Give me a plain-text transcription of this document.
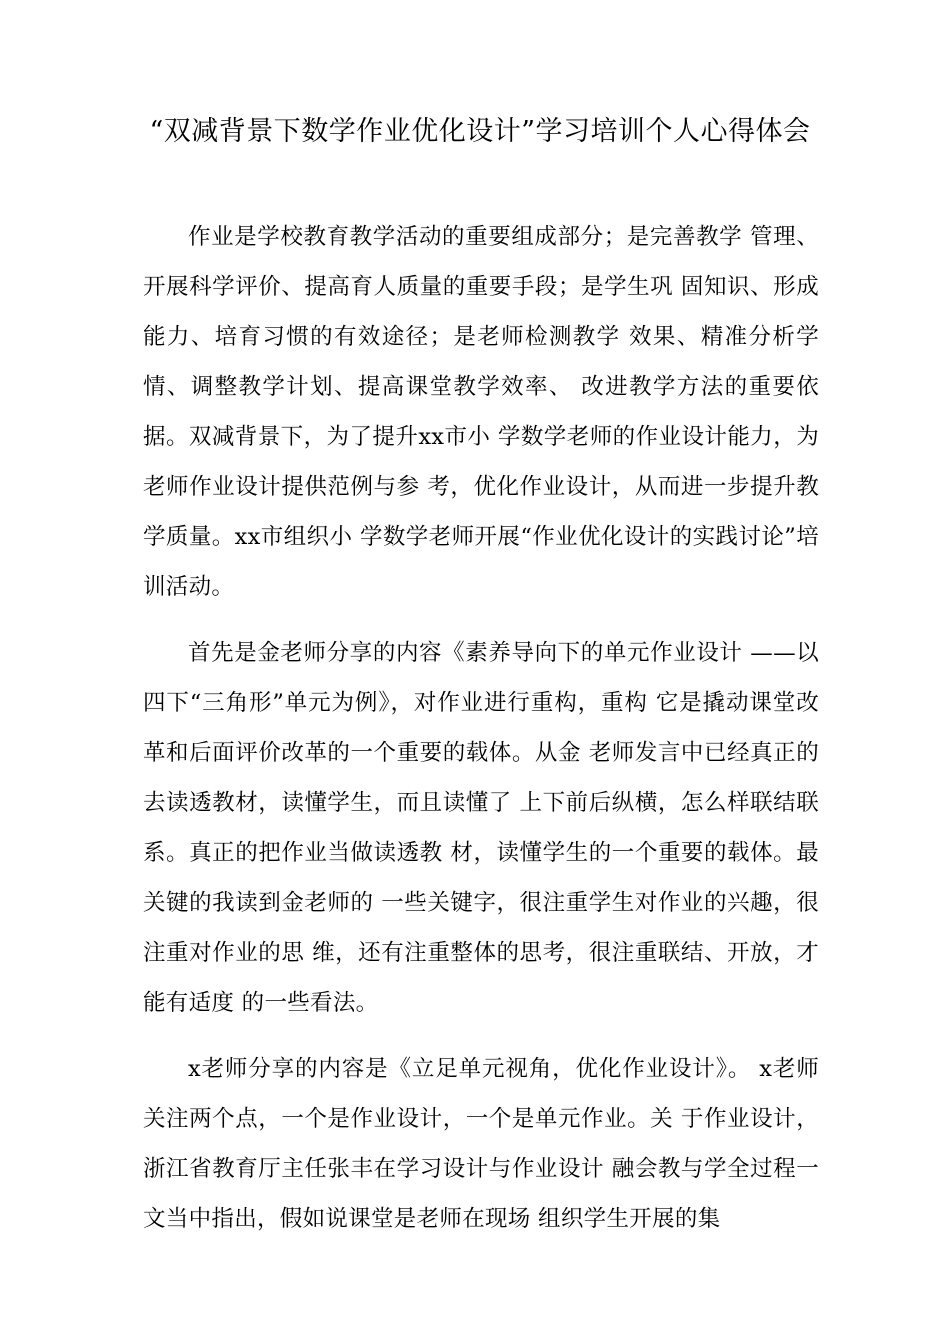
“双减背景下数学作业优化设计”学习培训个人心得体会

作业是学校教育教学活动的重要组成部分；是完善教学 管理、开展科学评价、提高育人质量的重要手段；是学生巩 固知识、形成能力、培育习惯的有效途径；是老师检测教学 效果、精准分析学情、调整教学计划、提高课堂教学效率、 改进教学方法的重要依据。双减背景下，为了提升xx市小 学数学老师的作业设计能力，为老师作业设计提供范例与参 考，优化作业设计，从而进一步提升教学质量。xx市组织小 学数学老师开展“作业优化设计的实践讨论”培训活动。

首先是金老师分享的内容《素养导向下的单元作业设计 ——以四下“三角形”单元为例》，对作业进行重构，重构 它是撬动课堂改革和后面评价改革的一个重要的载体。从金 老师发言中已经真正的去读透教材，读懂学生，而且读懂了 上下前后纵横，怎么样联结联系。真正的把作业当做读透教 材，读懂学生的一个重要的载体。最关键的我读到金老师的 一些关键字，很注重学生对作业的兴趣，很注重对作业的思 维，还有注重整体的思考，很注重联结、开放，才能有适度 的一些看法。

x老师分享的内容是《立足单元视角，优化作业设计》。 x老师关注两个点，一个是作业设计，一个是单元作业。关 于作业设计，浙江省教育厅主任张丰在学习设计与作业设计 融会教与学全过程一文当中指出，假如说课堂是老师在现场 组织学生开展的集
